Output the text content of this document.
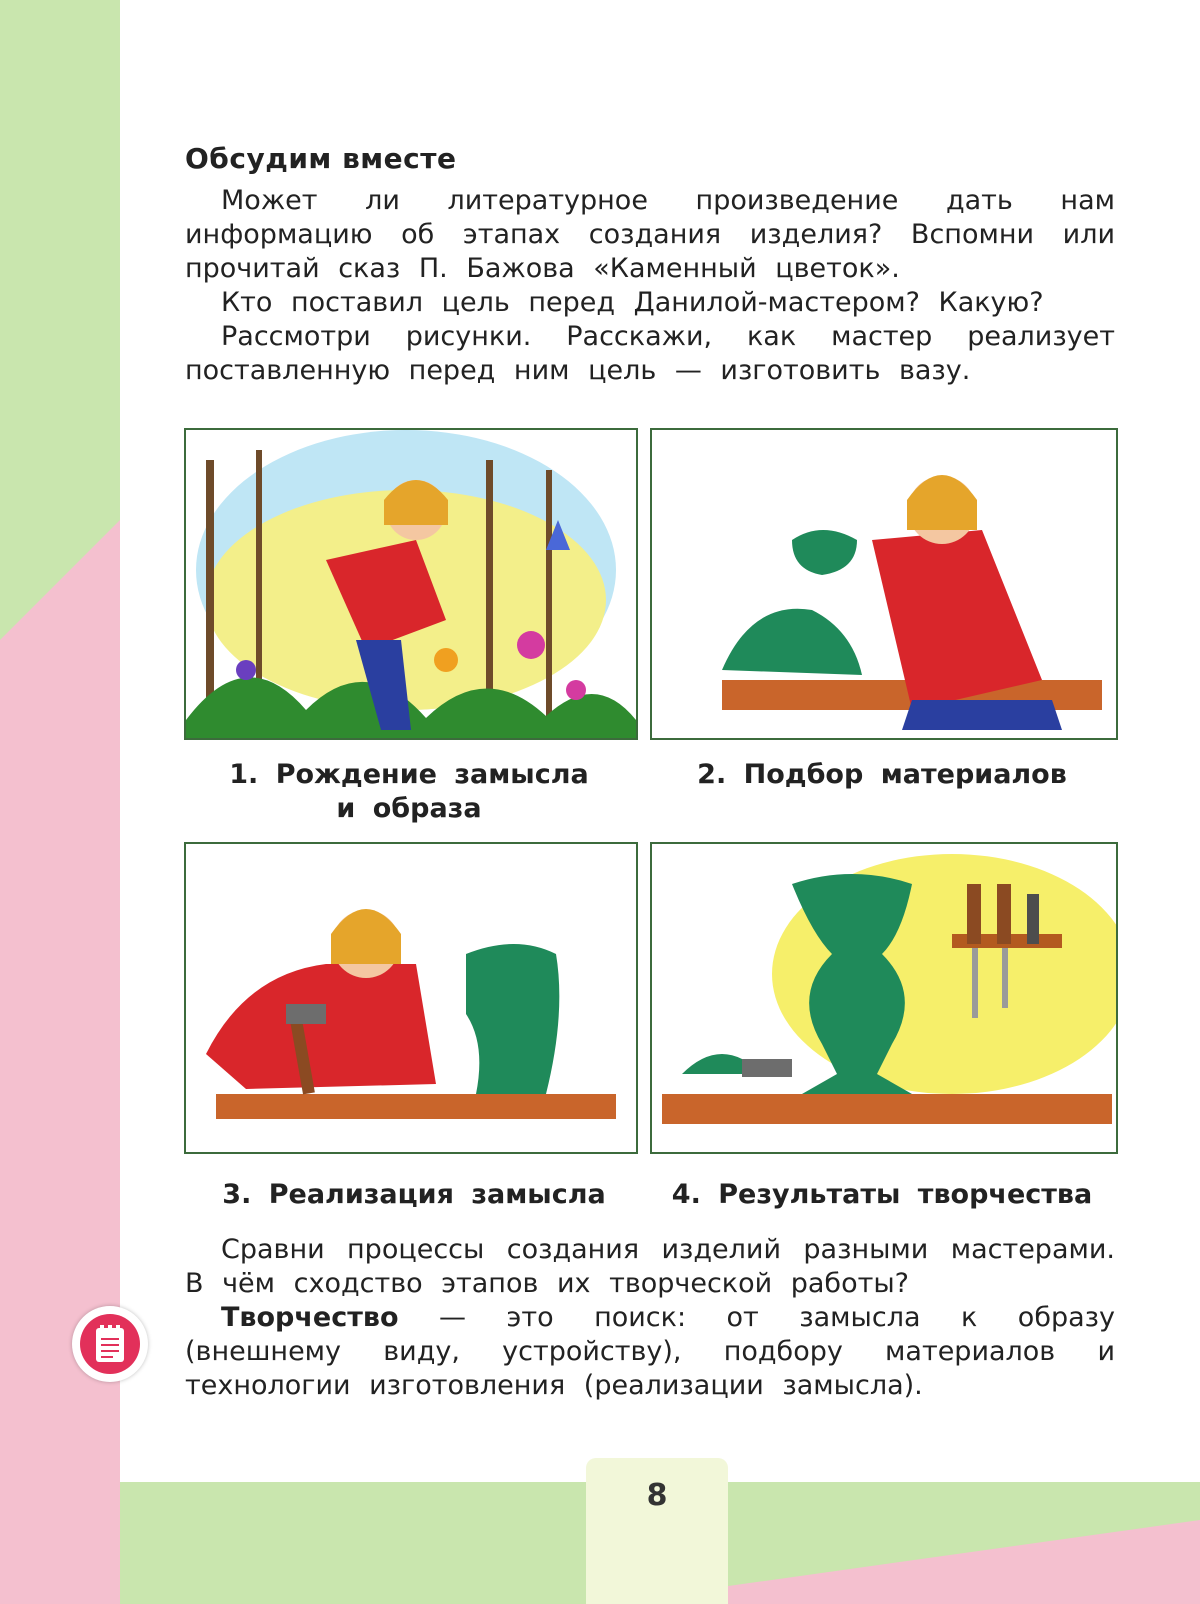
Обсудим вместе

Может ли литературное произведение дать нам информацию об этапах создания изделия? Вспомни или прочитай сказ П. Бажова «Каменный цветок».

Кто поставил цель перед Данилой-мастером? Какую?

Рассмотри рисунки. Расскажи, как мастер реализует поставленную перед ним цель — изготовить вазу.

1. Рождение замысла
и образа
2. Подбор материалов
3. Реализация замысла	4. Результаты творчества

Сравни процессы создания изделий разными мастерами. В чём сходство этапов их творческой работы?

Творчество — это поиск: от замысла к образу (внешнему виду, устройству), подбору материалов и технологии изготовления (реализации замысла).

8
